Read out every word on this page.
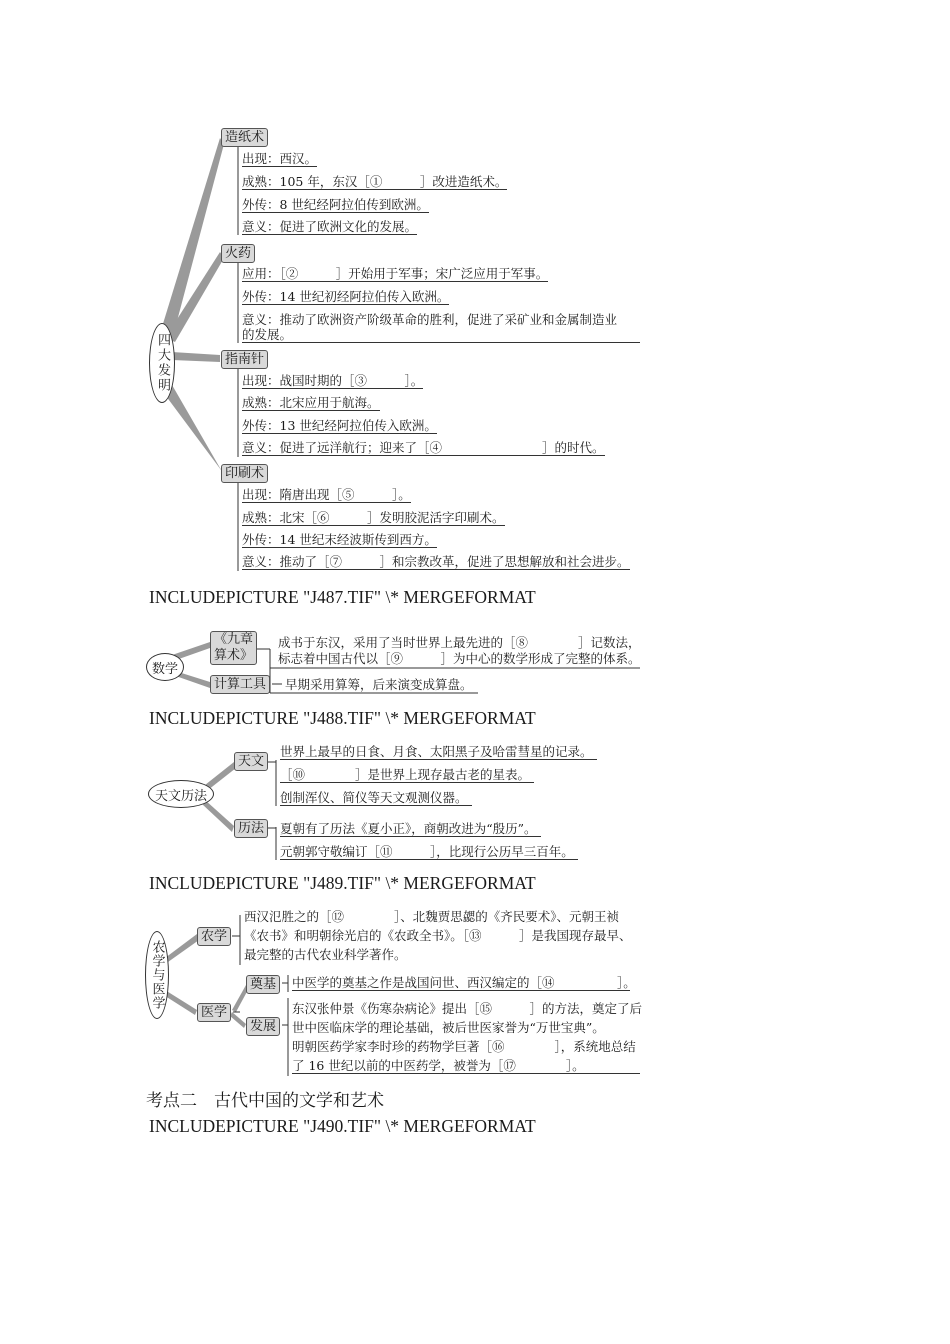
四大发明
造纸术
出现：西汉。
成熟：105 年，东汉［①　　　］改进造纸术。
外传：8 世纪经阿拉伯传到欧洲。
意义：促进了欧洲文化的发展。
火药
应用：［②　　　］开始用于军事；宋广泛应用于军事。
外传：14 世纪初经阿拉伯传入欧洲。
意义：推动了欧洲资产阶级革命的胜利，促进了采矿业和金属制造业
的发展。
指南针
出现：战国时期的［③　　　］。
成熟：北宋应用于航海。
外传：13 世纪经阿拉伯传入欧洲。
意义：促进了远洋航行；迎来了［④　　　　　　　　］的时代。
印刷术
出现：隋唐出现［⑤　　　］。
成熟：北宋［⑥　　　］发明胶泥活字印刷术。
外传：14 世纪末经波斯传到西方。
意义：推动了［⑦　　　］和宗教改革，促进了思想解放和社会进步。
INCLUDEPICTURE "J487.TIF" \* MERGEFORMAT
数学
《九章
算术》
成书于东汉，采用了当时世界上最先进的［⑧　　　　］记数法，
标志着中国古代以［⑨　　　］为中心的数学形成了完整的体系。
计算工具	早期采用算筹，后来演变成算盘。
INCLUDEPICTURE "J488.TIF" \* MERGEFORMAT
天文历法
天文
世界上最早的日食、月食、太阳黑子及哈雷彗星的记录。
［⑩　　　　］是世界上现存最古老的星表。
创制浑仪、简仪等天文观测仪器。
历法	夏朝有了历法《夏小正》，商朝改进为“殷历”。
元朝郭守敬编订［⑪　　　］，比现行公历早三百年。
INCLUDEPICTURE "J489.TIF" \* MERGEFORMAT
农学与医学
农学
西汉氾胜之的［⑫　　　　］、北魏贾思勰的《齐民要术》、元朝王祯
《农书》和明朝徐光启的《农政全书》。［⑬　　　］是我国现存最早、
最完整的古代农业科学著作。
医学
奠基	中医学的奠基之作是战国问世、西汉编定的［⑭　　　　　］。
发展
东汉张仲景《伤寒杂病论》提出［⑮　　　］的方法，奠定了后
世中医临床学的理论基础，被后世医家誉为“万世宝典”。
明朝医药学家李时珍的药物学巨著［⑯　　　　］，系统地总结
了 16 世纪以前的中医药学，被誉为［⑰　　　　］。
考点二　古代中国的文学和艺术
INCLUDEPICTURE "J490.TIF" \* MERGEFORMAT
